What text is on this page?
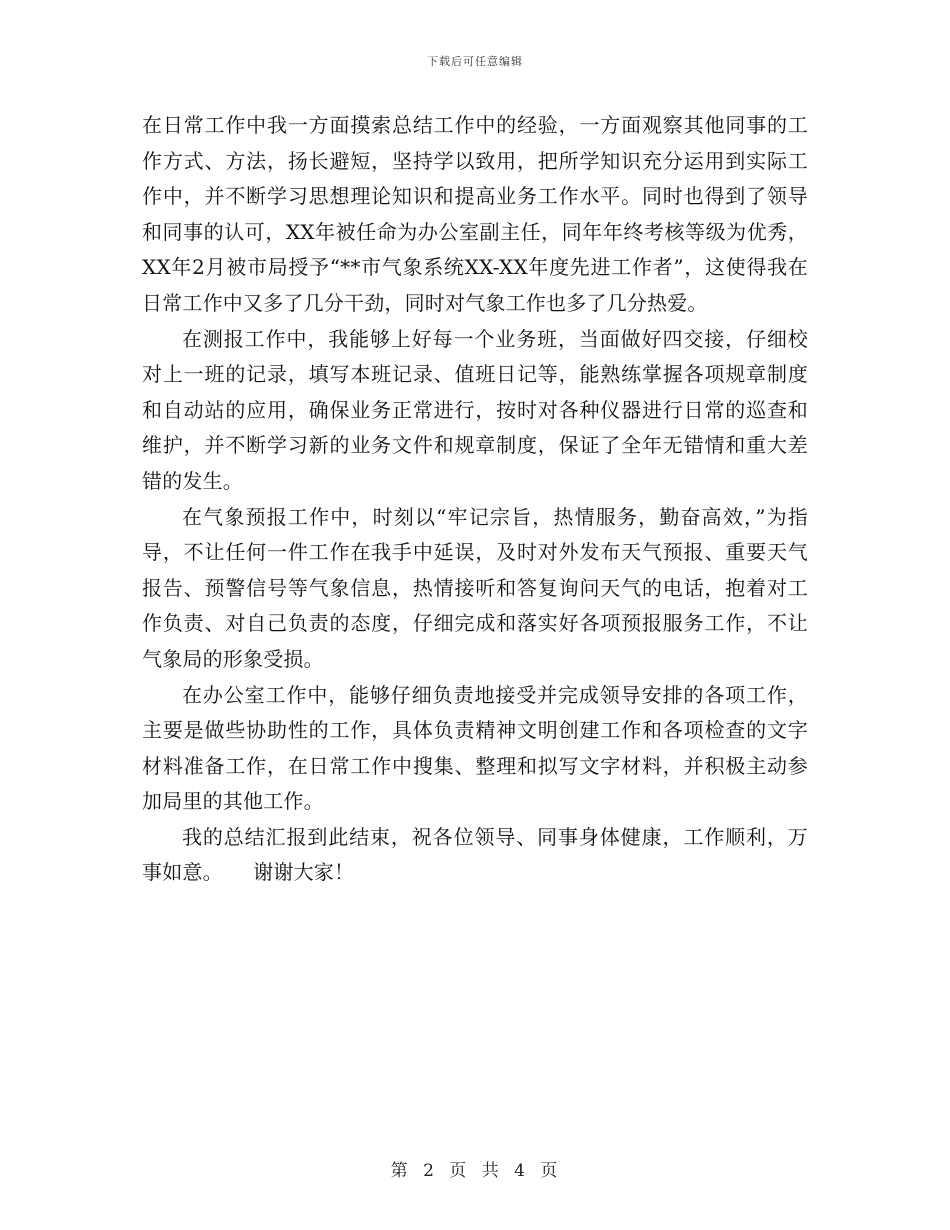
下载后可任意编辑

在日常工作中我一方面摸索总结工作中的经验，一方面观察其他同事的工作方式、方法，扬长避短，坚持学以致用，把所学知识充分运用到实际工作中，并不断学习思想理论知识和提高业务工作水平。同时也得到了领导和同事的认可，XX年被任命为办公室副主任，同年年终考核等级为优秀，XX年2月被市局授予“**市气象系统XX-XX年度先进工作者”，这使得我在日常工作中又多了几分干劲，同时对气象工作也多了几分热爱。

在测报工作中，我能够上好每一个业务班，当面做好四交接，仔细校对上一班的记录，填写本班记录、值班日记等，能熟练掌握各项规章制度和自动站的应用，确保业务正常进行，按时对各种仪器进行日常的巡查和维护，并不断学习新的业务文件和规章制度，保证了全年无错情和重大差错的发生。

在气象预报工作中，时刻以“牢记宗旨，热情服务，勤奋高效，”为指导，不让任何一件工作在我手中延误，及时对外发布天气预报、重要天气报告、预警信号等气象信息，热情接听和答复询问天气的电话，抱着对工作负责、对自己负责的态度，仔细完成和落实好各项预报服务工作，不让气象局的形象受损。

在办公室工作中，能够仔细负责地接受并完成领导安排的各项工作，主要是做些协助性的工作，具体负责精神文明创建工作和各项检查的文字材料准备工作，在日常工作中搜集、整理和拟写文字材料，并积极主动参加局里的其他工作。

我的总结汇报到此结束，祝各位领导、同事身体健康，工作顺利，万事如意。　　谢谢大家！

第 2 页 共 4 页
